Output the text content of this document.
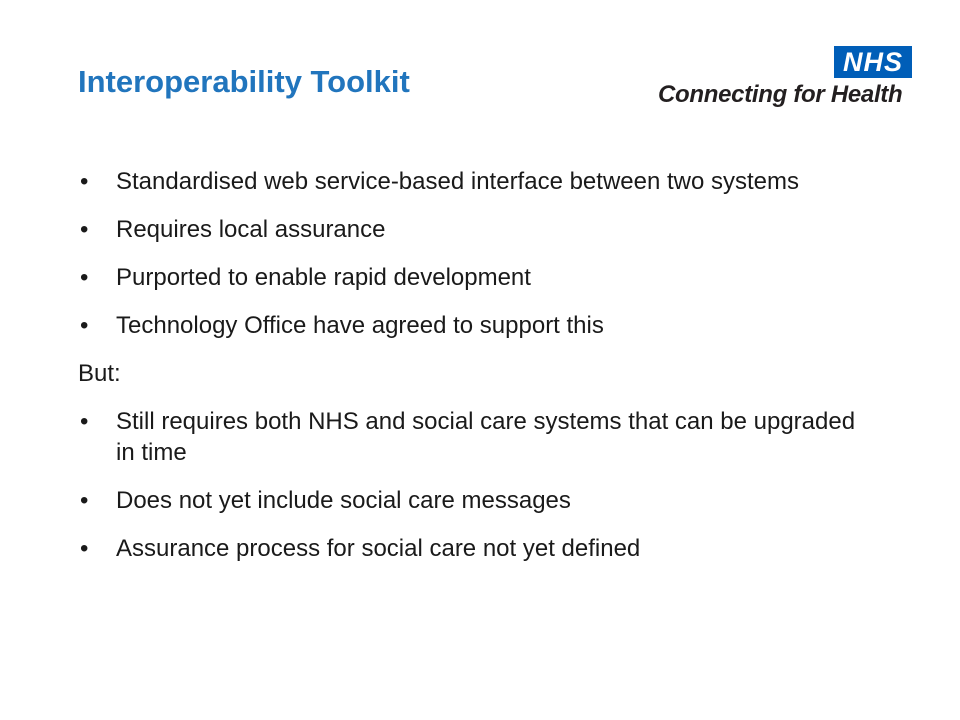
Interoperability Toolkit
NHS
Connecting for Health
• Standardised web service-based interface between two systems
• Requires local assurance
• Purported to enable rapid development
• Technology Office have agreed to support this
But:
• Still requires both NHS and social care systems that can be upgraded in time
• Does not yet include social care messages
• Assurance process for social care not yet defined
